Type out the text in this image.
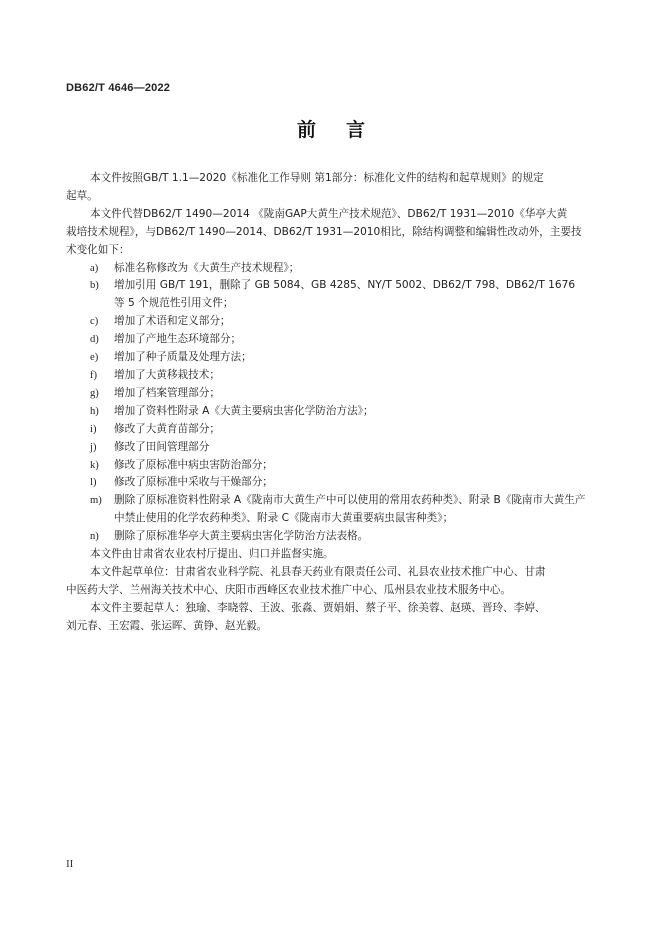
DB62/T 4646—2022
前言
本文件按照GB/T 1.1—2020《标准化工作导则 第1部分：标准化文件的结构和起草规则》的规定

起草。
本文件代替DB62/T 1490—2014 《陇南GAP大黄生产技术规范》、DB62/T 1931—2010《华亭大黄

栽培技术规程》，与DB62/T 1490—2014、DB62/T 1931—2010相比，除结构调整和编辑性改动外，主要技术变化如下：
a)	标准名称修改为《大黄生产技术规程》；
b)	增加引用 GB/T 191，删除了 GB 5084、GB 4285、NY/T 5002、DB62/T 798、DB62/T 1676 等 5 个规范性引用文件；
c)	增加了术语和定义部分；
d)	增加了产地生态环境部分；
e)	增加了种子质量及处理方法；
f)	增加了大黄移栽技术；
g)	增加了档案管理部分；
h)	增加了资料性附录 A《大黄主要病虫害化学防治方法》；
i)	修改了大黄育苗部分；
j)	修改了田间管理部分
k)	修改了原标准中病虫害防治部分；
l)	修改了原标准中采收与干燥部分；
m)	删除了原标准资料性附录 A《陇南市大黄生产中可以使用的常用农药种类》、附录 B《陇南市大黄生产中禁止使用的化学农药种类》、附录 C《陇南市大黄重要病虫鼠害种类》；
n)	删除了原标准华亭大黄主要病虫害化学防治方法表格。
本文件由甘肃省农业农村厅提出、归口并监督实施。
本文件起草单位：甘肃省农业科学院、礼县春天药业有限责任公司、礼县农业技术推广中心、甘肃

中医药大学、兰州海关技术中心、庆阳市西峰区农业技术推广中心、瓜州县农业技术服务中心。
本文件主要起草人：独瑜、李晓蓉、王波、张淼、贾娟娟、蔡子平、徐美蓉、赵瑛、晋玲、李婷、

刘元春、王宏霞、张运晖、黄铮、赵光毅。
II
